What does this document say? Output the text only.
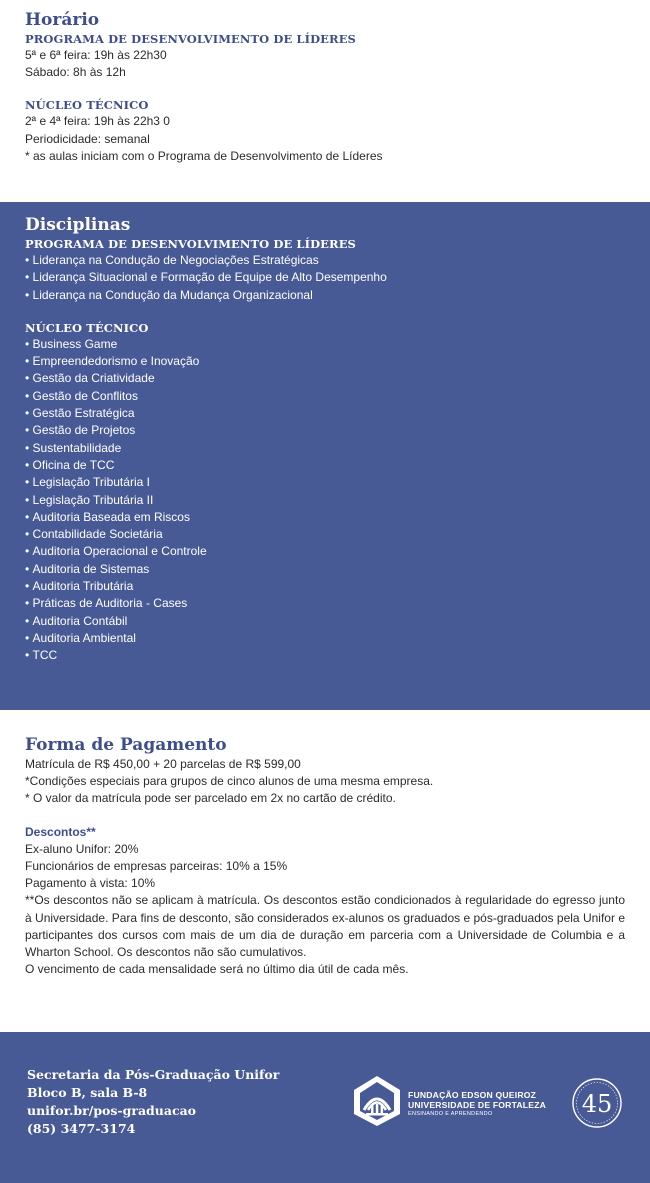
Horário
PROGRAMA DE DESENVOLVIMENTO DE LÍDERES
5ª e 6ª feira: 19h às 22h30
Sábado: 8h às 12h
NÚCLEO TÉCNICO
2ª e 4ª feira: 19h às 22h3 0
Periodicidade: semanal
* as aulas iniciam com o Programa de Desenvolvimento de Líderes
Disciplinas
PROGRAMA DE DESENVOLVIMENTO DE LÍDERES
• Liderança na Condução de Negociações Estratégicas
• Liderança Situacional e Formação de Equipe de Alto Desempenho
• Liderança na Condução da Mudança Organizacional
NÚCLEO TÉCNICO
• Business Game
• Empreendedorismo e Inovação
• Gestão da Criatividade
• Gestão de Conflitos
• Gestão Estratégica
• Gestão de Projetos
• Sustentabilidade
• Oficina de TCC
• Legislação Tributária I
• Legislação Tributária II
• Auditoria Baseada em Riscos
• Contabilidade Societária
• Auditoria Operacional e Controle
• Auditoria de Sistemas
• Auditoria Tributária
• Práticas de Auditoria - Cases
• Auditoria Contábil
• Auditoria Ambiental
• TCC
Forma de Pagamento
Matrícula de R$ 450,00 + 20 parcelas de R$ 599,00
*Condições especiais para grupos de cinco alunos de uma mesma empresa.
* O valor da matrícula pode ser parcelado em 2x no cartão de crédito.
Descontos**
Ex-aluno Unifor: 20%
Funcionários de empresas parceiras: 10% a 15%
Pagamento à vista: 10%
**Os descontos não se aplicam à matrícula. Os descontos estão condicionados à regularidade do egresso junto à Universidade. Para fins de desconto, são considerados ex-alunos os graduados e pós-graduados pela Unifor e participantes dos cursos com mais de um dia de duração em parceria com a Universidade de Columbia e a Wharton School. Os descontos não são cumulativos.
O vencimento de cada mensalidade será no último dia útil de cada mês.
Secretaria da Pós-Graduação Unifor
Bloco B, sala B-8
unifor.br/pos-graduacao
(85) 3477-3174
FUNDAÇÃO EDSON QUEIROZ
UNIVERSIDADE DE FORTALEZA
ENSINANDO E APRENDENDO	45
